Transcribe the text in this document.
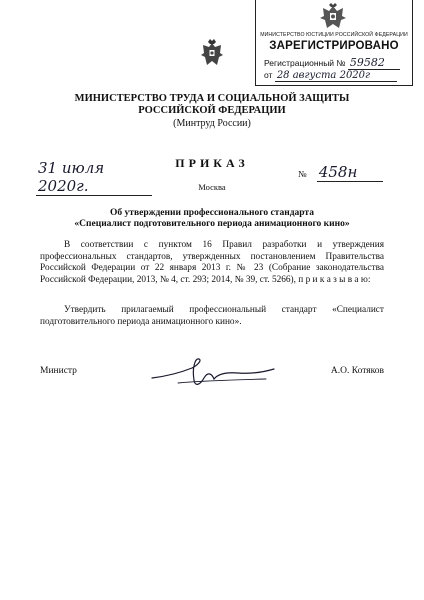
МИНИСТЕРСТВО ЮСТИЦИИ РОССИЙСКОЙ ФЕДЕРАЦИИ
ЗАРЕГИСТРИРОВАНО
Регистрационный № 59582
от 28 августа 2020г
МИНИСТЕРСТВО ТРУДА И СОЦИАЛЬНОЙ ЗАЩИТЫ
РОССИЙСКОЙ ФЕДЕРАЦИИ
(Минтруд России)
ПРИКАЗ
31 июля 2020г.
№ 458н
Москва
Об утверждении профессионального стандарта
«Специалист подготовительного периода анимационного кино»

В соответствии с пунктом 16 Правил разработки и утверждения профессиональных стандартов, утвержденных постановлением Правительства Российской Федерации от 22 января 2013 г. № 23 (Собрание законодательства Российской Федерации, 2013, № 4, ст. 293; 2014, № 39, ст. 5266), п р и к а з ы в а ю:

Утвердить прилагаемый профессиональный стандарт «Специалист подготовительного периода анимационного кино».

Министр	А.О. Котяков
